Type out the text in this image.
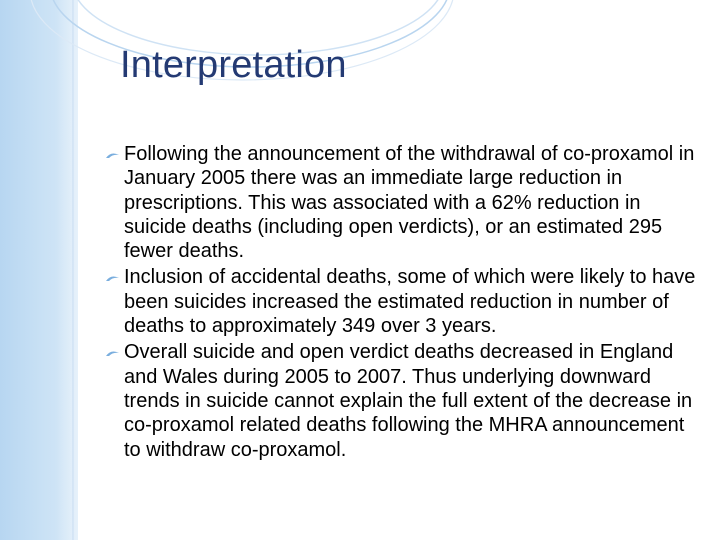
Interpretation
Following the announcement of the withdrawal of co-proxamol in January 2005 there was an immediate large reduction in prescriptions. This was associated with a 62% reduction in suicide deaths (including open verdicts), or an estimated 295 fewer deaths.
Inclusion of accidental deaths, some of which were likely to have been suicides increased the estimated reduction in number of deaths to approximately 349 over 3 years.
Overall suicide and open verdict deaths decreased in England and Wales during 2005 to 2007. Thus underlying downward trends in suicide cannot explain the full extent of the decrease in co-proxamol related deaths following the MHRA announcement to withdraw co-proxamol.
